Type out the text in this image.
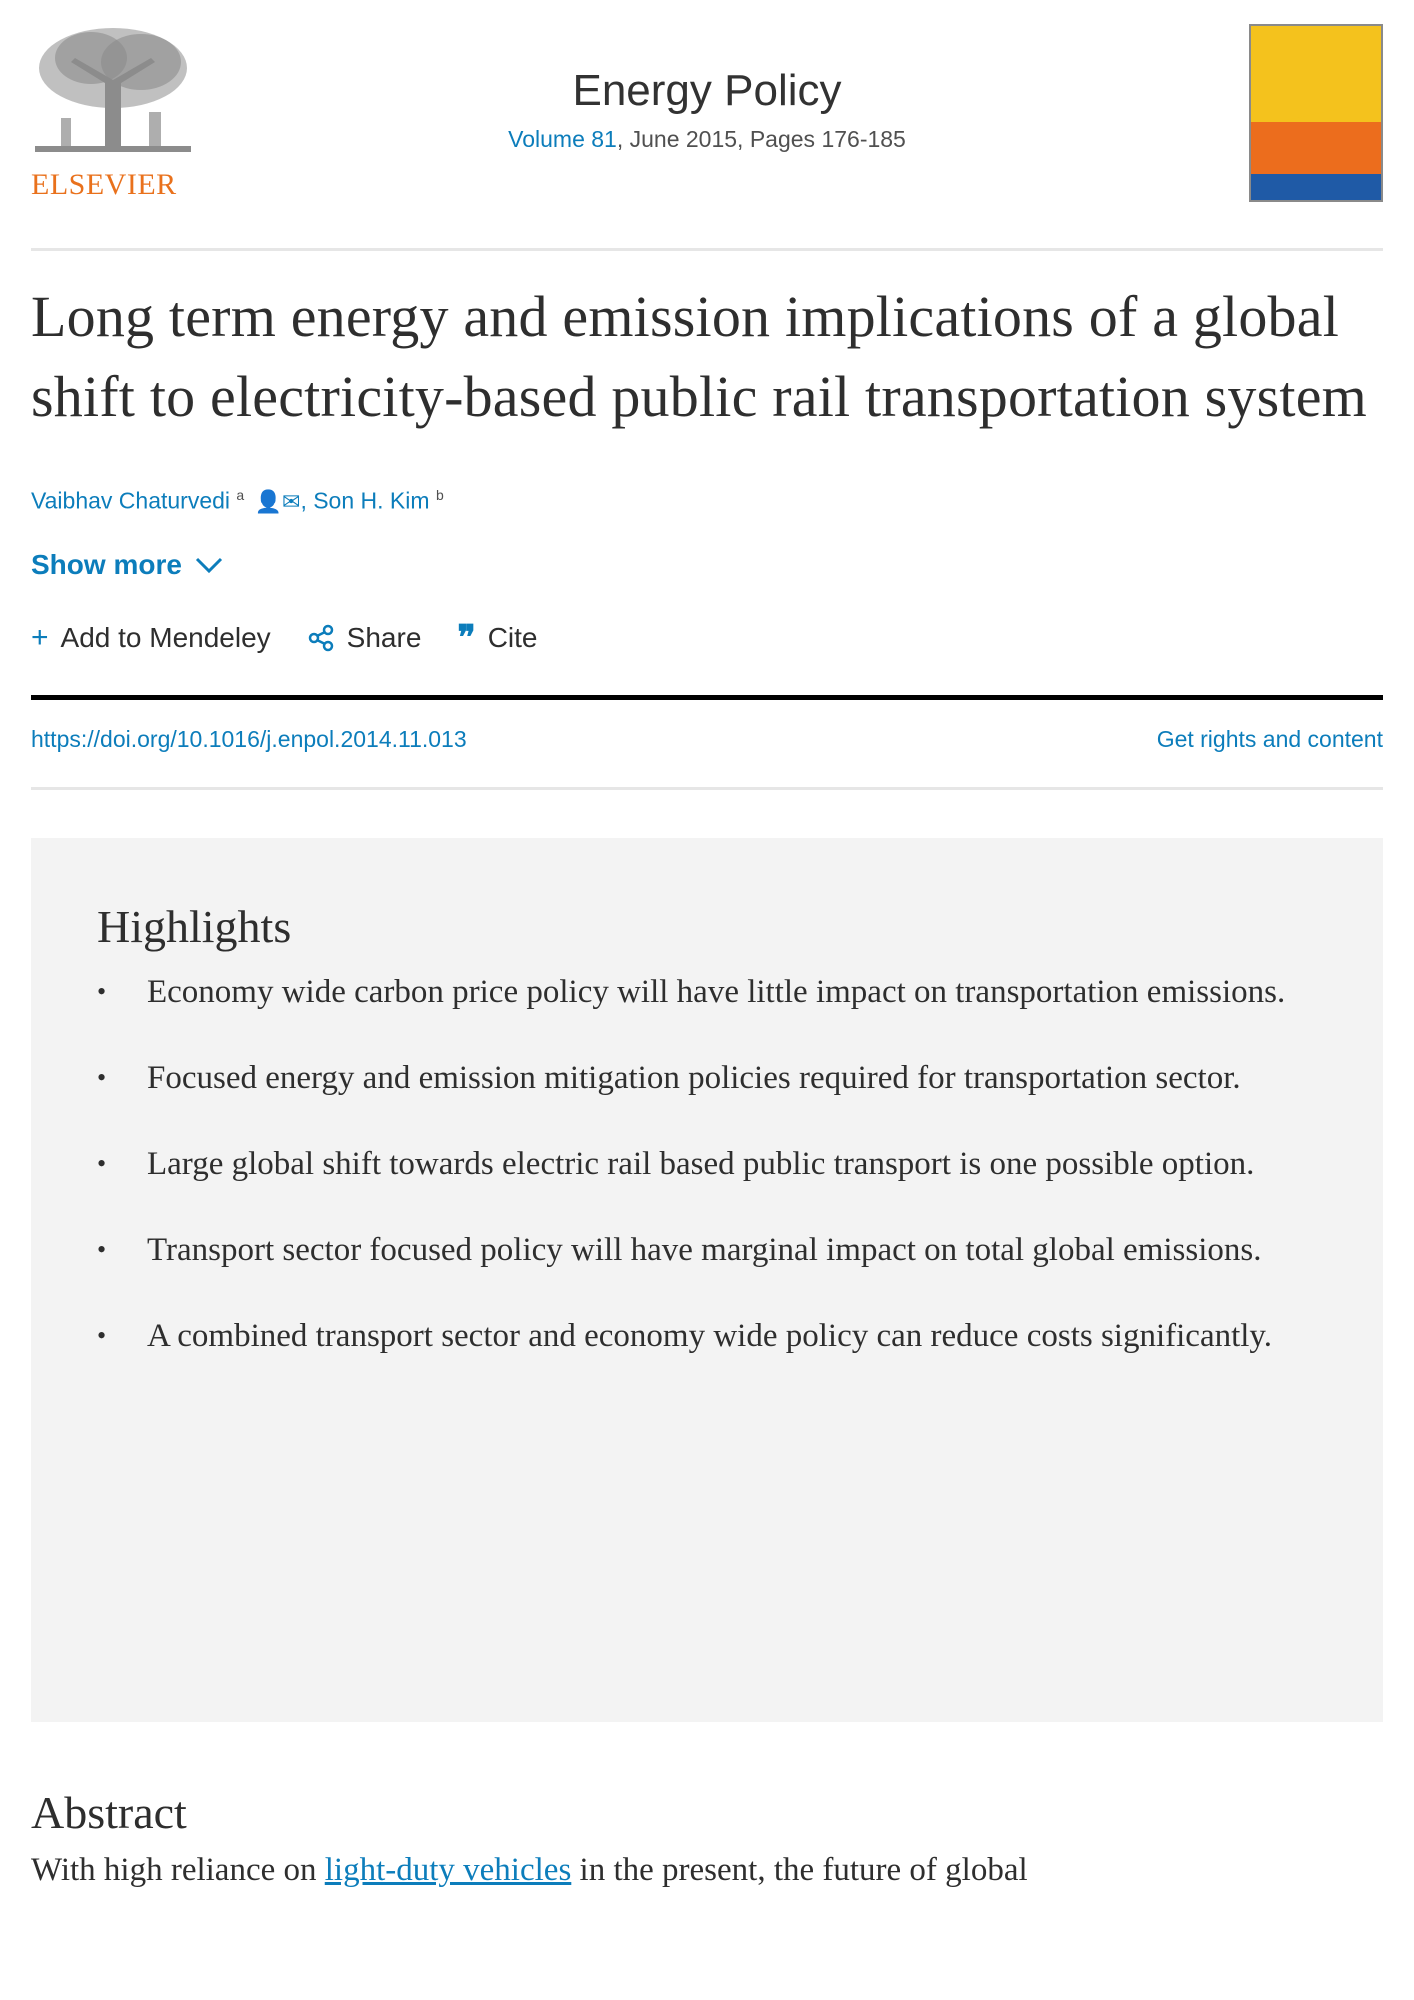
ELSEVIER
Energy Policy
Volume 81, June 2015, Pages 176-185
Long term energy and emission implications of a global shift to electricity-based public rail transportation system
Vaibhav Chaturvedi $^a$ 👤✉, Son H. Kim $^b$
Show more
+ Add to Mendeley	Share ❞ Cite
https://doi.org/10.1016/j.enpol.2014.11.013	Get rights and content
Highlights
• Economy wide carbon price policy will have little impact on transportation emissions.
• Focused energy and emission mitigation policies required for transportation sector.
• Large global shift towards electric rail based public transport is one possible option.
• Transport sector focused policy will have marginal impact on total global emissions.
• A combined transport sector and economy wide policy can reduce costs significantly.
Abstract
With high reliance on light-duty vehicles in the present, the future of global
